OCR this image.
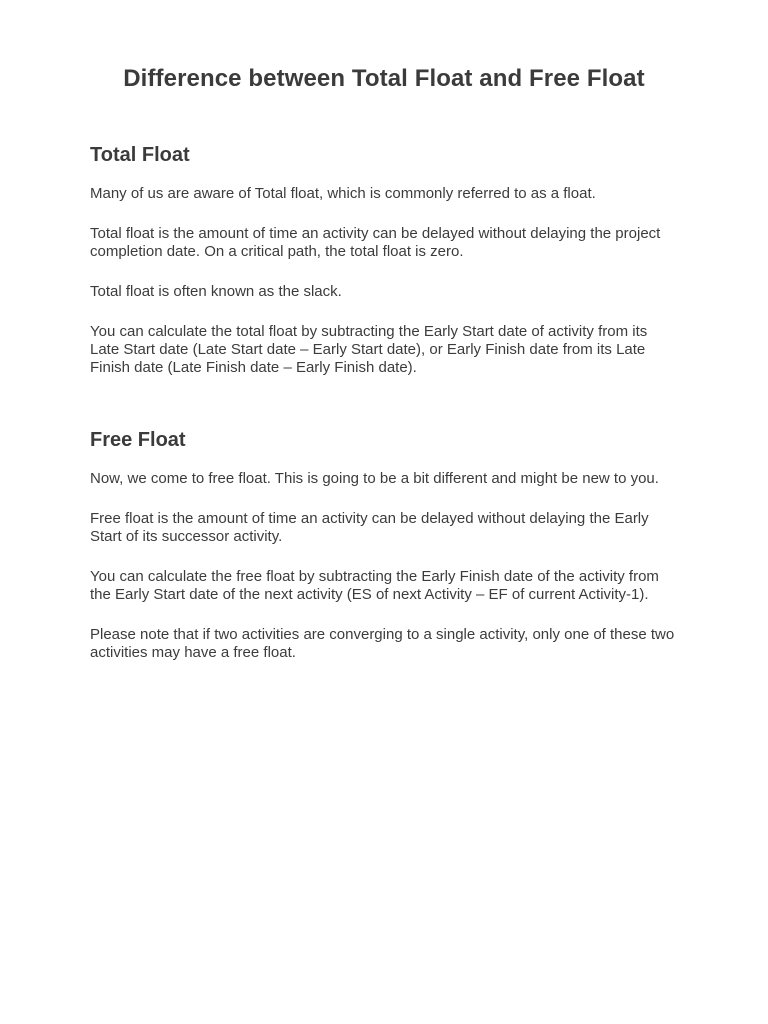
Difference between Total Float and Free Float
Total Float

Many of us are aware of Total float, which is commonly referred to as a float.

Total float is the amount of time an activity can be delayed without delaying the project completion date. On a critical path, the total float is zero.

Total float is often known as the slack.

You can calculate the total float by subtracting the Early Start date of activity from its Late Start date (Late Start date – Early Start date), or Early Finish date from its Late Finish date (Late Finish date – Early Finish date).

Free Float

Now, we come to free float. This is going to be a bit different and might be new to you.

Free float is the amount of time an activity can be delayed without delaying the Early Start of its successor activity.

You can calculate the free float by subtracting the Early Finish date of the activity from the Early Start date of the next activity (ES of next Activity – EF of current Activity-1).

Please note that if two activities are converging to a single activity, only one of these two activities may have a free float.
